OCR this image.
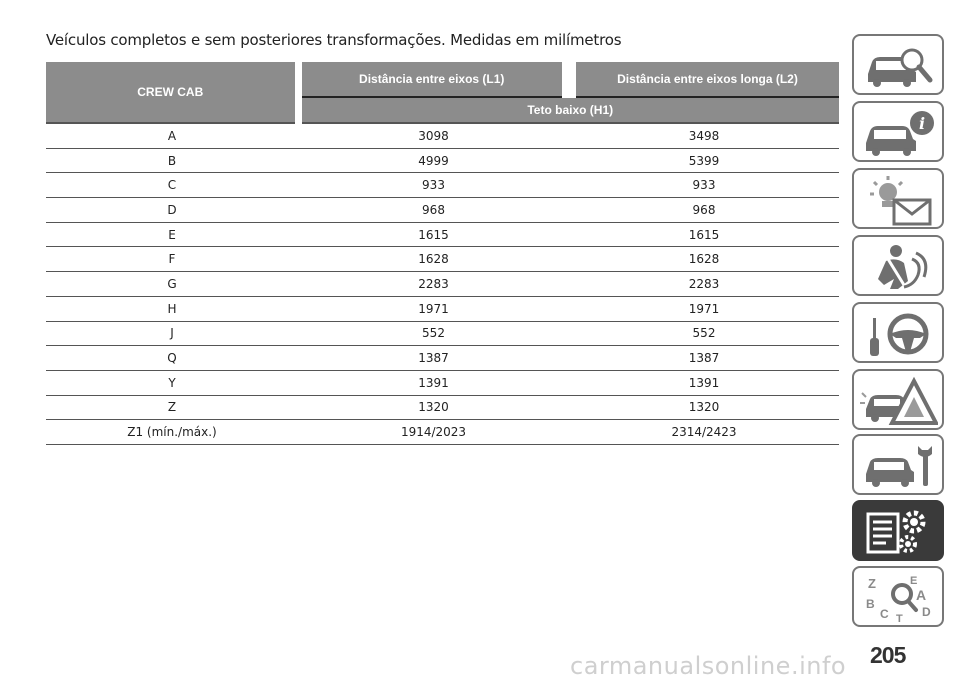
Veículos completos e sem posteriores transformações. Medidas em milímetros
CREW CAB	Distância entre eixos (L1)	Distância entre eixos longa (L2)
	Teto baixo (H1)	
A	3098	3498
B	4999	5399
C	933	933
D	968	968
E	1615	1615
F	1628	1628
G	2283	2283
H	1971	1971
J	552	552
Q	1387	1387
Y	1391	1391
Z	1320	1320
Z1 (mín./máx.)	1914/2023	2314/2423
i
Z	E A BC	DT
carmanualsonline.info 205
